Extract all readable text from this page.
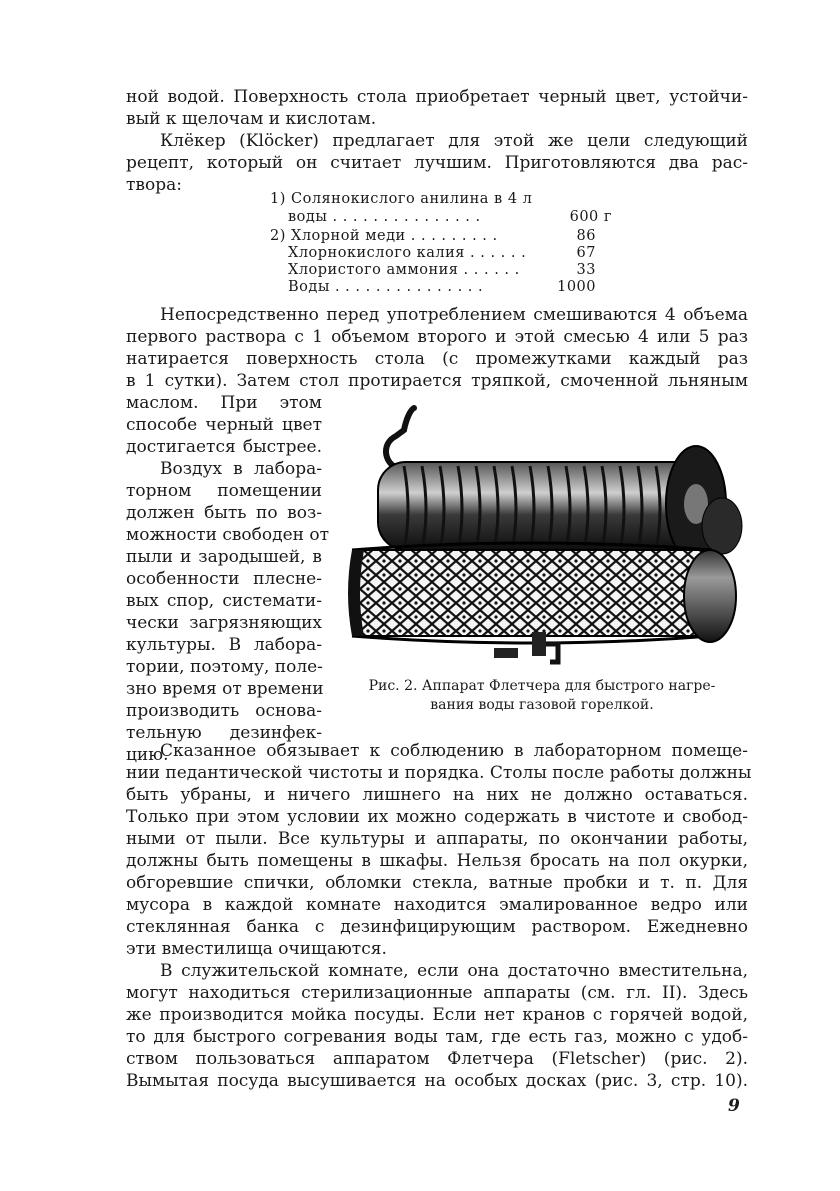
ной водой. Поверхность стола приобретает черный цвет, устойчи-
вый к щелочам и кислотам.
Клёкер (Klöcker) предлагает для этой же цели следующий
рецепт, который он считает лучшим. Приготовляются два рас-
твора:
1) Солянокислого анилина в 4 л
воды . . . . . . . . . . . . . . .	600 г
2) Хлорной меди . . . . . . . . .	86
Хлорнокислого калия . . . . . .	67
Хлористого аммония . . . . . .	33
Воды . . . . . . . . . . . . . . .	1000
Непосредственно перед употреблением смешиваются 4 объема
первого раствора с 1 объемом второго и этой смесью 4 или 5 раз
натирается поверхность стола (с промежутками каждый раз
в 1 сутки). Затем стол протирается тряпкой, смоченной льняным
маслом. При этом
способе черный цвет
достигается быстрее.
Воздух в лабора-
торном помещении
должен быть по воз-
можности свободен от
пыли и зародышей, в
особенности плесне-
вых спор, системати-
чески загрязняющих
культуры. В лабора-
тории, поэтому, поле-
зно время от времени
производить основа-
тельную дезинфек-
цию.
Рис. 2. Аппарат Флетчера для быстрого нагре-
вания воды газовой горелкой.
Сказанное обязывает к соблюдению в лабораторном помеще-
нии педантической чистоты и порядка. Столы после работы должны
быть убраны, и ничего лишнего на них не должно оставаться.
Только при этом условии их можно содержать в чистоте и свобод-
ными от пыли. Все культуры и аппараты, по окончании работы,
должны быть помещены в шкафы. Нельзя бросать на пол окурки,
обгоревшие спички, обломки стекла, ватные пробки и т. п. Для
мусора в каждой комнате находится эмалированное ведро или
стеклянная банка с дезинфицирующим раствором. Ежедневно
эти вместилища очищаются.
В служительской комнате, если она достаточно вместительна,
могут находиться стерилизационные аппараты (см. гл. II). Здесь
же производится мойка посуды. Если нет кранов с горячей водой,
то для быстрого согревания воды там, где есть газ, можно с удоб-
ством пользоваться аппаратом Флетчера (Fletscher) (рис. 2).
Вымытая посуда высушивается на особых досках (рис. 3, стр. 10).
9
